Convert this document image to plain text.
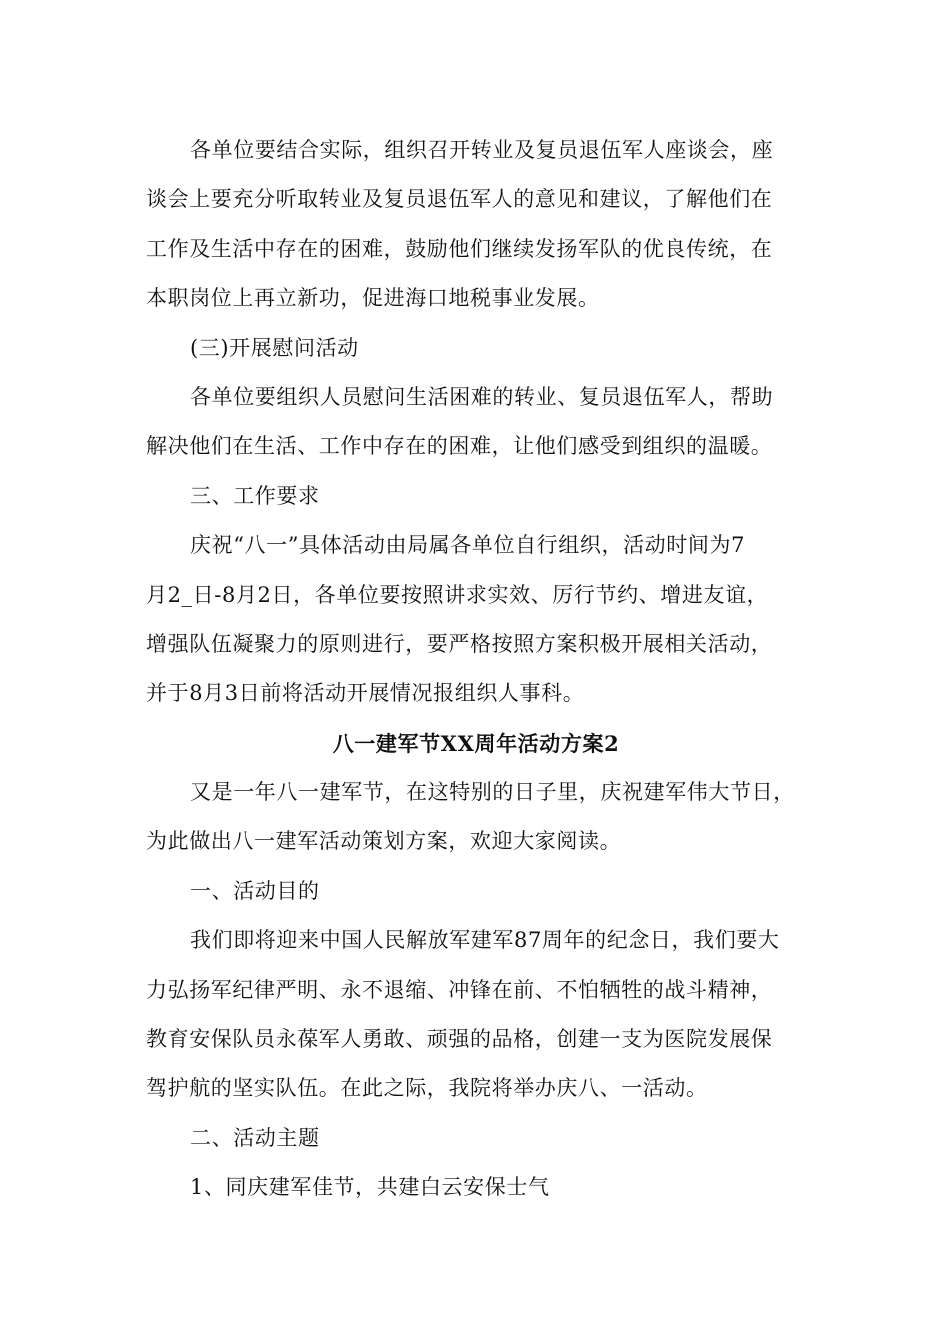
各单位要结合实际，组织召开转业及复员退伍军人座谈会，座
谈会上要充分听取转业及复员退伍军人的意见和建议，了解他们在
工作及生活中存在的困难，鼓励他们继续发扬军队的优良传统，在
本职岗位上再立新功，促进海口地税事业发展。
(三)开展慰问活动
各单位要组织人员慰问生活困难的转业、复员退伍军人，帮助
解决他们在生活、工作中存在的困难，让他们感受到组织的温暖。
三、工作要求
庆祝“八一”具体活动由局属各单位自行组织，活动时间为7
月2_日-8月2日，各单位要按照讲求实效、厉行节约、增进友谊，
增强队伍凝聚力的原则进行，要严格按照方案积极开展相关活动，
并于8月3日前将活动开展情况报组织人事科。
八一建军节XX周年活动方案2
又是一年八一建军节，在这特别的日子里，庆祝建军伟大节日，
为此做出八一建军活动策划方案，欢迎大家阅读。
一、活动目的
我们即将迎来中国人民解放军建军87周年的纪念日，我们要大
力弘扬军纪律严明、永不退缩、冲锋在前、不怕牺牲的战斗精神，
教育安保队员永葆军人勇敢、顽强的品格，创建一支为医院发展保
驾护航的坚实队伍。在此之际，我院将举办庆八、一活动。
二、活动主题
1、同庆建军佳节，共建白云安保士气
